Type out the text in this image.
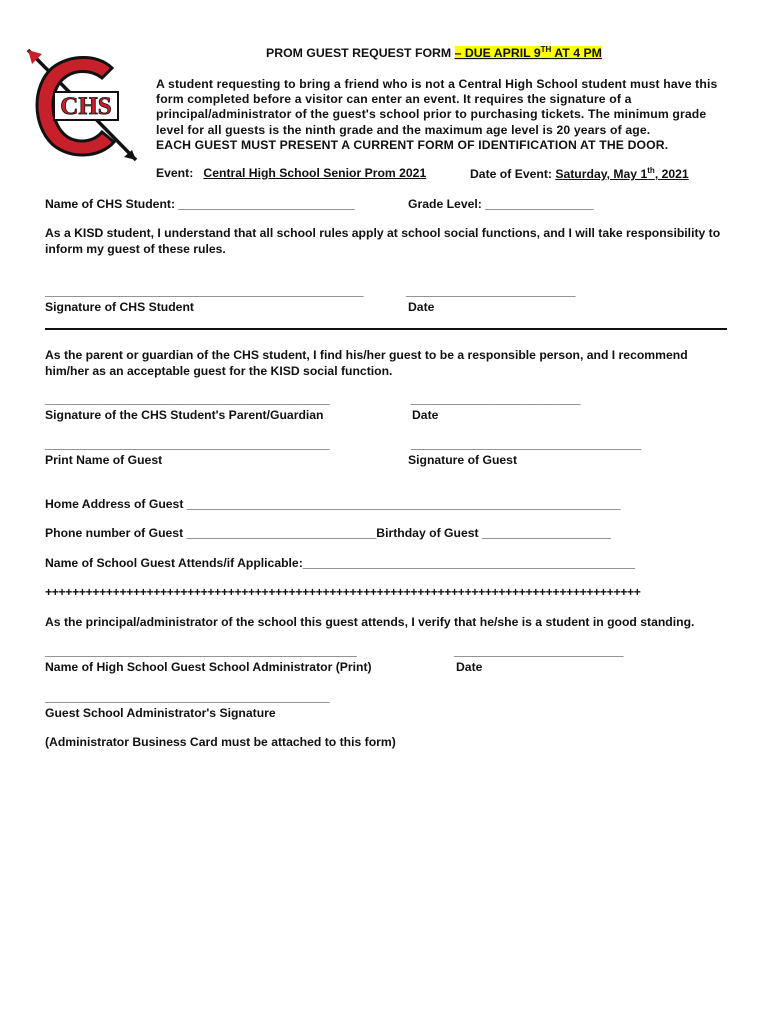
CHS
PROM GUEST REQUEST FORM – DUE APRIL 9TH AT 4 PM

A student requesting to bring a friend who is not a Central High School student must have this form completed before a visitor can enter an event. It requires the signature of a principal/administrator of the guest's school prior to purchasing tickets. The minimum grade level for all guests is the ninth grade and the maximum age level is 20 years of age.

EACH GUEST MUST PRESENT A CURRENT FORM OF IDENTIFICATION AT THE DOOR.

Event: Central High School Senior Prom 2021	Date of Event: Saturday, May 1th, 2021
Name of CHS Student: __________________________	Grade Level: ________________
As a KISD student, I understand that all school rules apply at school social functions, and I will take responsibility to inform my guest of these rules.
_______________________________________________
Signature of CHS Student
_________________________
Date
As the parent or guardian of the CHS student, I find his/her guest to be a responsible person, and I recommend him/her as an acceptable guest for the KISD social function.
__________________________________________
Signature of the CHS Student's Parent/Guardian
_________________________
Date
__________________________________________
Print Name of Guest
__________________________________
Signature of Guest
Home Address of Guest ________________________________________________________________
Phone number of Guest ____________________________Birthday of Guest ___________________
Name of School Guest Attends/if Applicable:_________________________________________________
++++++++++++++++++++++++++++++++++++++++++++++++++++++++++++++++++++++++++++++++++++++++
As the principal/administrator of the school this guest attends, I verify that he/she is a student in good standing.
______________________________________________
Name of High School Guest School Administrator (Print)
_________________________
Date
__________________________________________
Guest School Administrator's Signature
(Administrator Business Card must be attached to this form)
